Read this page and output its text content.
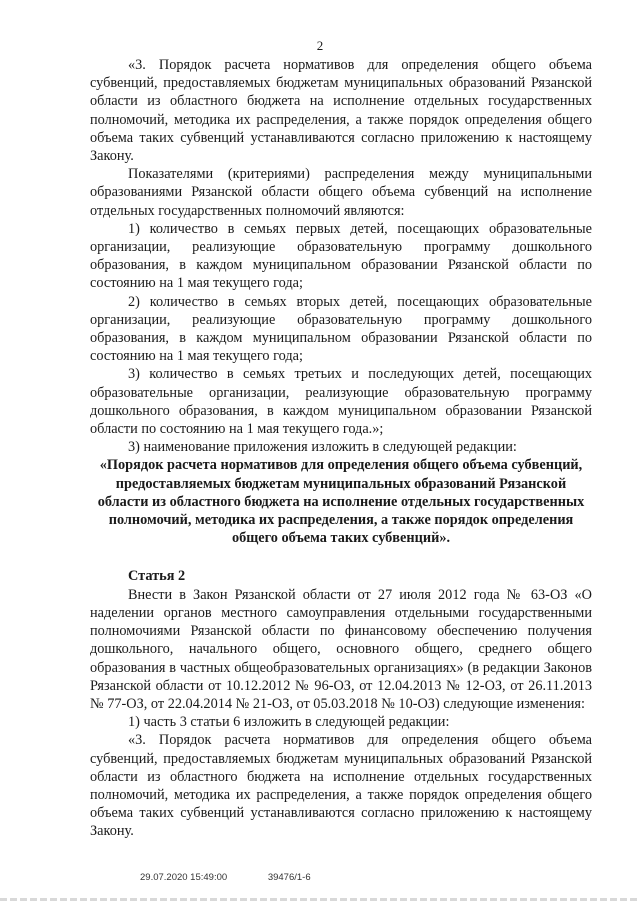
2

«3. Порядок расчета нормативов для определения общего объема субвенций, предоставляемых бюджетам муниципальных образований Рязанской области из областного бюджета на исполнение отдельных государственных полномочий, методика их распределения, а также порядок определения общего объема таких субвенций устанавливаются согласно приложению к настоящему Закону.

Показателями (критериями) распределения между муниципальными образованиями Рязанской области общего объема субвенций на исполнение отдельных государственных полномочий являются:

1) количество в семьях первых детей, посещающих образовательные организации, реализующие образовательную программу дошкольного образования, в каждом муниципальном образовании Рязанской области по состоянию на 1 мая текущего года;

2) количество в семьях вторых детей, посещающих образовательные организации, реализующие образовательную программу дошкольного образования, в каждом муниципальном образовании Рязанской области по состоянию на 1 мая текущего года;

3) количество в семьях третьих и последующих детей, посещающих образовательные организации, реализующие образовательную программу дошкольного образования, в каждом муниципальном образовании Рязанской области по состоянию на 1 мая текущего года.»;

3) наименование приложения изложить в следующей редакции:

«Порядок расчета нормативов для определения общего объема субвенций, предоставляемых бюджетам муниципальных образований Рязанской области из областного бюджета на исполнение отдельных государственных полномочий, методика их распределения, а также порядок определения общего объема таких субвенций».

Статья 2

Внести в Закон Рязанской области от 27 июля 2012 года № 63-ОЗ «О наделении органов местного самоуправления отдельными государственными полномочиями Рязанской области по финансовому обеспечению получения дошкольного, начального общего, основного общего, среднего общего образования в частных общеобразовательных организациях» (в редакции Законов Рязанской области от 10.12.2012 № 96-ОЗ, от 12.04.2013 № 12-ОЗ, от 26.11.2013 № 77-ОЗ, от 22.04.2014 № 21-ОЗ, от 05.03.2018 № 10-ОЗ) следующие изменения:

1) часть 3 статьи 6 изложить в следующей редакции:

«3. Порядок расчета нормативов для определения общего объема субвенций, предоставляемых бюджетам муниципальных образований Рязанской области из областного бюджета на исполнение отдельных государственных полномочий, методика их распределения, а также порядок определения общего объема таких субвенций устанавливаются согласно приложению к настоящему Закону.

29.07.2020 15:49:00	39476/1-6
